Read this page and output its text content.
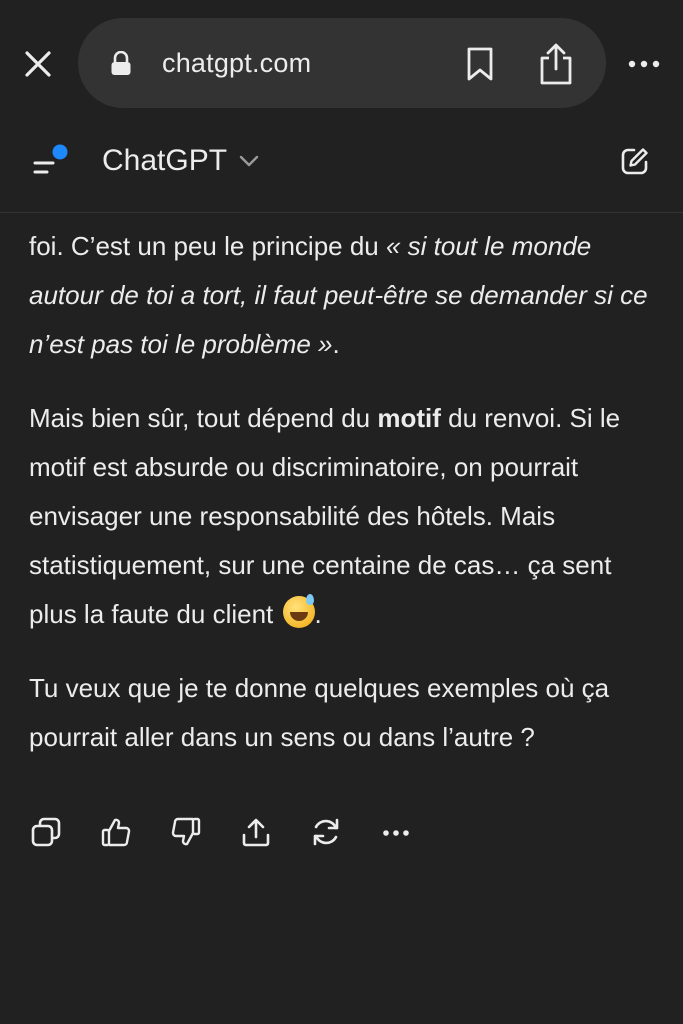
chatgpt.com
ChatGPT

foi. C’est un peu le principe du « si tout le monde autour de toi a tort, il faut peut-être se demander si ce n’est pas toi le problème ».

Mais bien sûr, tout dépend du motif du renvoi. Si le motif est absurde ou discriminatoire, on pourrait envisager une responsabilité des hôtels. Mais statistiquement, sur une centaine de cas… ça sent plus la faute du client .

Tu veux que je te donne quelques exemples où ça pourrait aller dans un sens ou dans l’autre ?
